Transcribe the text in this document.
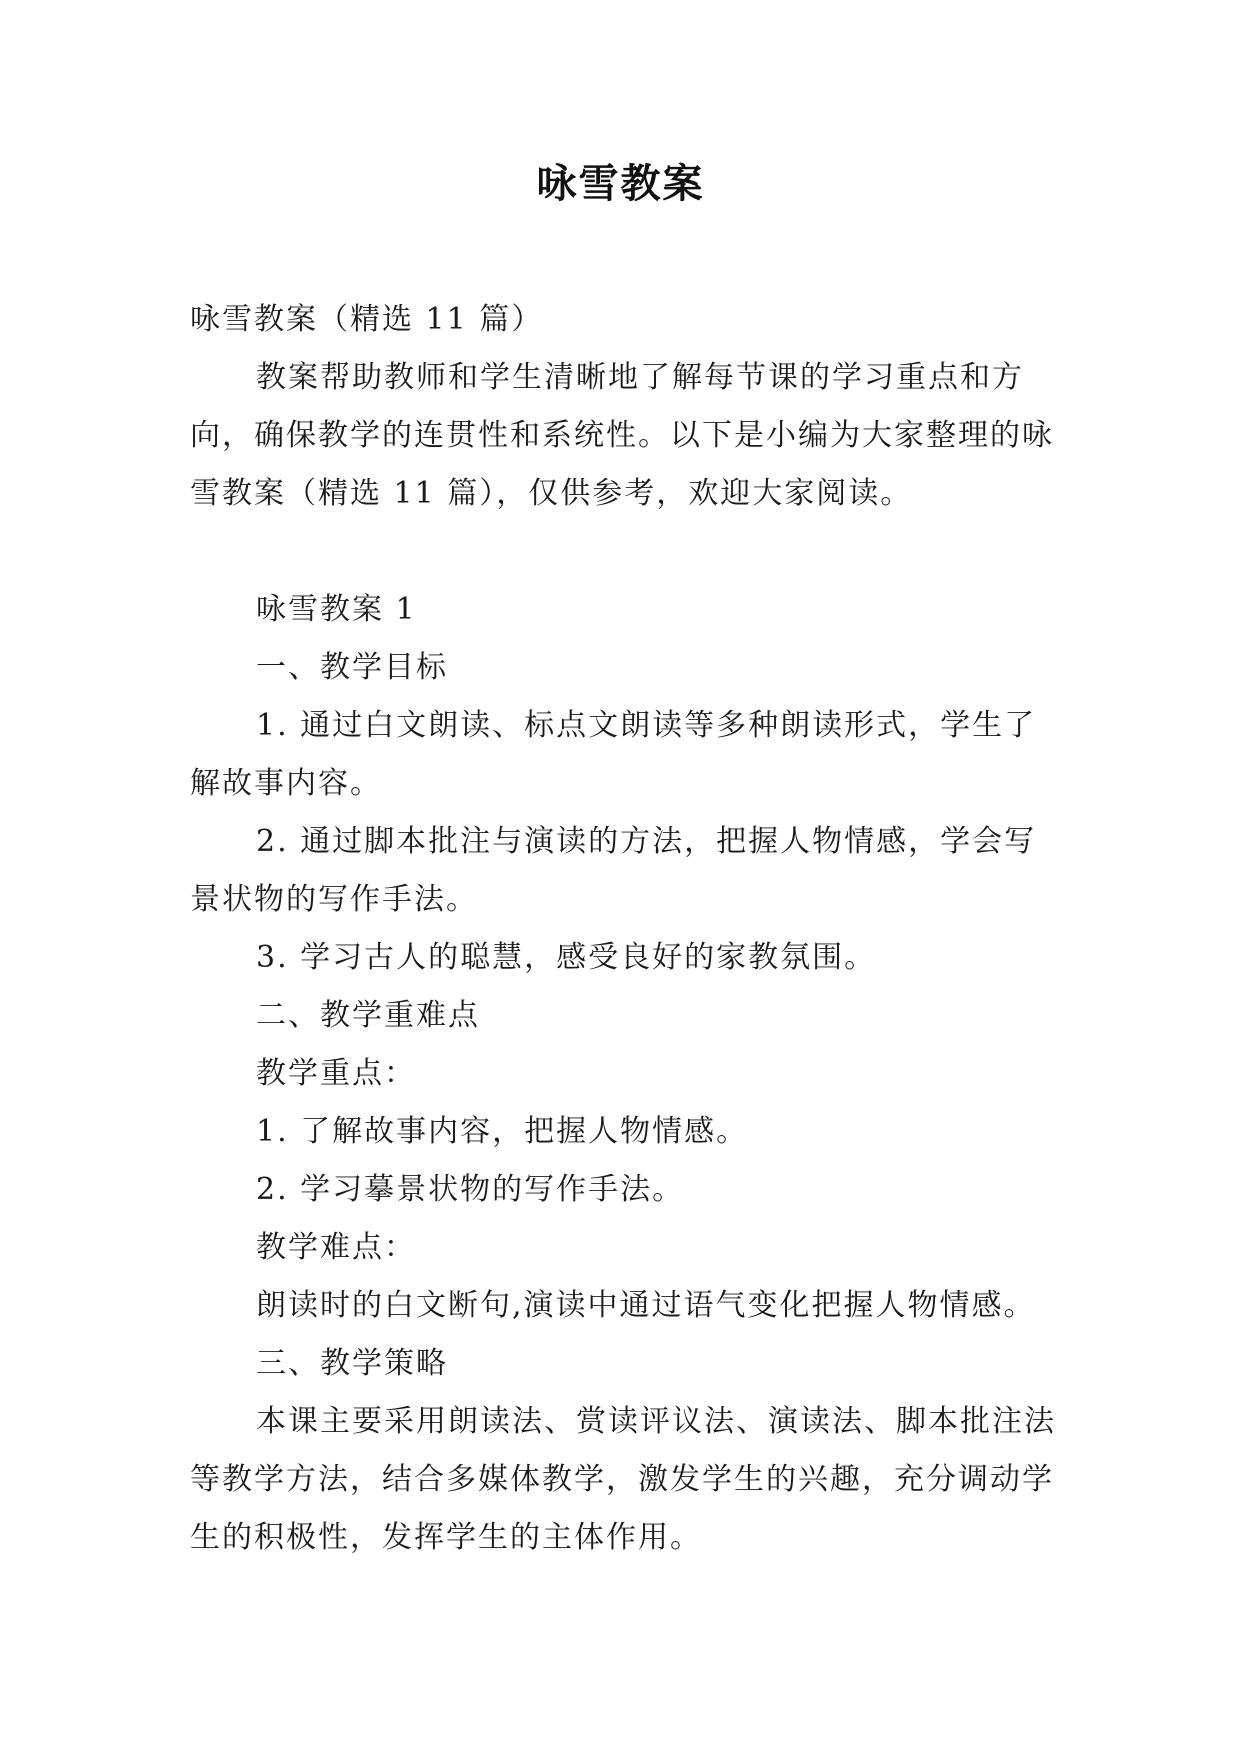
咏雪教案

咏雪教案（精选 11 篇）

教案帮助教师和学生清晰地了解每节课的学习重点和方向，确保教学的连贯性和系统性。以下是小编为大家整理的咏雪教案（精选 11 篇），仅供参考，欢迎大家阅读。

咏雪教案 1

一、教学目标

1. 通过白文朗读、标点文朗读等多种朗读形式，学生了解故事内容。

2. 通过脚本批注与演读的方法，把握人物情感，学会写景状物的写作手法。

3. 学习古人的聪慧，感受良好的家教氛围。

二、教学重难点

教学重点：

1. 了解故事内容，把握人物情感。

2. 学习摹景状物的写作手法。

教学难点：

朗读时的白文断句,演读中通过语气变化把握人物情感。

三、教学策略

本课主要采用朗读法、赏读评议法、演读法、脚本批注法等教学方法，结合多媒体教学，激发学生的兴趣，充分调动学生的积极性，发挥学生的主体作用。
